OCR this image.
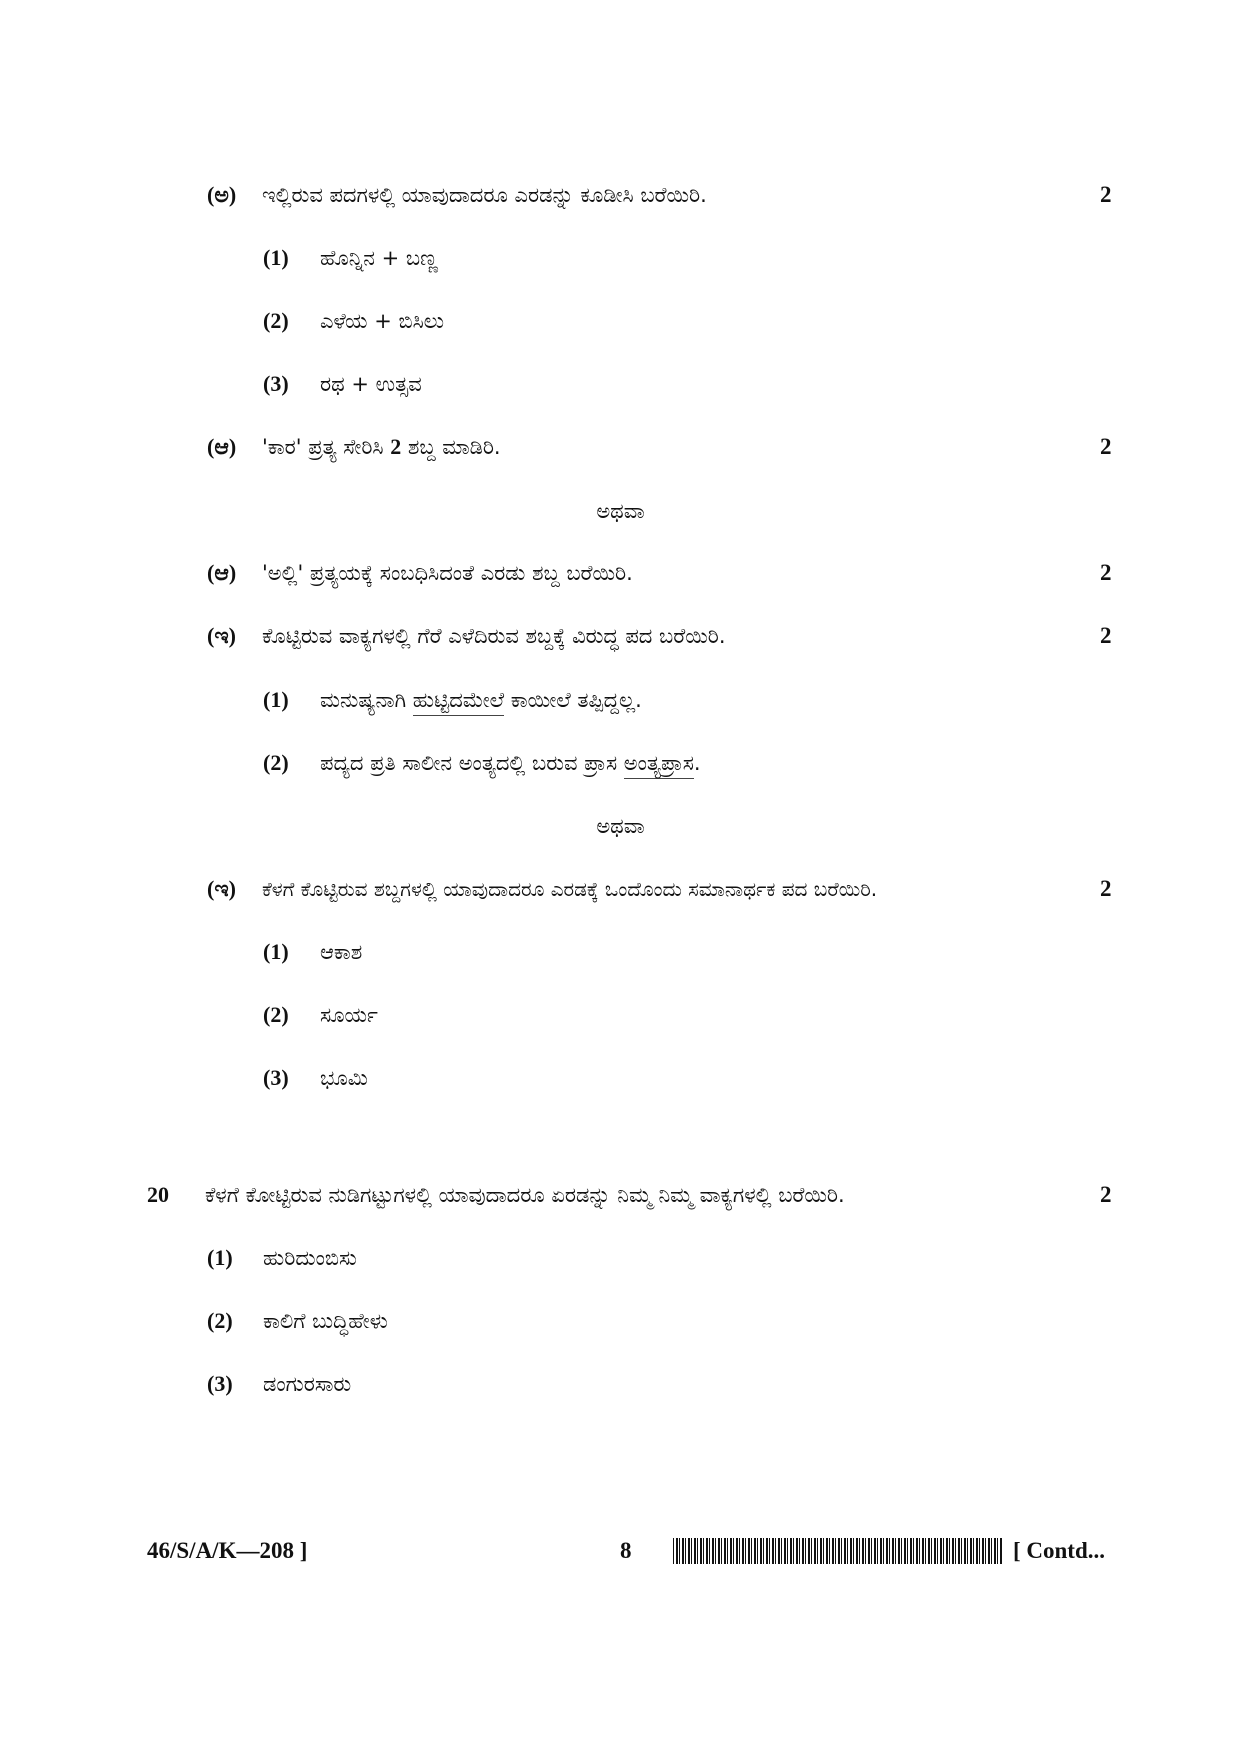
(ಅ) ಇಲ್ಲಿರುವ ಪದಗಳಲ್ಲಿ ಯಾವುದಾದರೂ ಎರಡನ್ನು ಕೂಡೀಸಿ ಬರೆಯಿರಿ.	2
(1) ಹೊನ್ನಿನ + ಬಣ್ಣ
(2) ಎಳೆಯ + ಬಿಸಿಲು
(3) ರಥ + ಉತ್ಸವ
(ಆ) 'ಕಾರ' ಪ್ರತ್ಯ ಸೇರಿಸಿ 2 ಶಬ್ದ ಮಾಡಿರಿ.	2
ಅಥವಾ
(ಆ) 'ಅಲ್ಲಿ' ಪ್ರತ್ಯಯಕ್ಕೆ ಸಂಬಧಿಸಿದಂತೆ ಎರಡು ಶಬ್ದ ಬರೆಯಿರಿ.	2
(ಇ) ಕೊಟ್ಟಿರುವ ವಾಕ್ಯಗಳಲ್ಲಿ ಗೆರೆ ಎಳೆದಿರುವ ಶಬ್ದಕ್ಕೆ ವಿರುದ್ಧ ಪದ ಬರೆಯಿರಿ.	2
(1) ಮನುಷ್ಯನಾಗಿ ಹುಟ್ಟಿದಮೇಲೆ ಕಾಯೀಲೆ ತಪ್ಪಿದ್ದಲ್ಲ.
(2) ಪದ್ಯದ ಪ್ರತಿ ಸಾಲೀನ ಅಂತ್ಯದಲ್ಲಿ ಬರುವ ಪ್ರಾಸ ಅಂತ್ಯಪ್ರಾಸ.
ಅಥವಾ
(ಇ) ಕೆಳಗೆ ಕೊಟ್ಟಿರುವ ಶಬ್ದಗಳಲ್ಲಿ ಯಾವುದಾದರೂ ಎರಡಕ್ಕೆ ಒಂದೊಂದು ಸಮಾನಾರ್ಥಕ ಪದ ಬರೆಯಿರಿ.	2
(1) ಆಕಾಶ
(2) ಸೂರ್ಯ
(3) ಭೂಮಿ
20 ಕೆಳಗೆ ಕೋಟ್ಟಿರುವ ನುಡಿಗಟ್ಟುಗಳಲ್ಲಿ ಯಾವುದಾದರೂ ಏರಡನ್ನು ನಿಮ್ಮ ನಿಮ್ಮ ವಾಕ್ಯಗಳಲ್ಲಿ ಬರೆಯಿರಿ.	2
(1) ಹುರಿದುಂಬಿಸು
(2) ಕಾಲಿಗೆ ಬುದ್ಧಿಹೇಳು
(3) ಡಂಗುರಸಾರು
46/S/A/K—208 ]	8	[ Contd...
